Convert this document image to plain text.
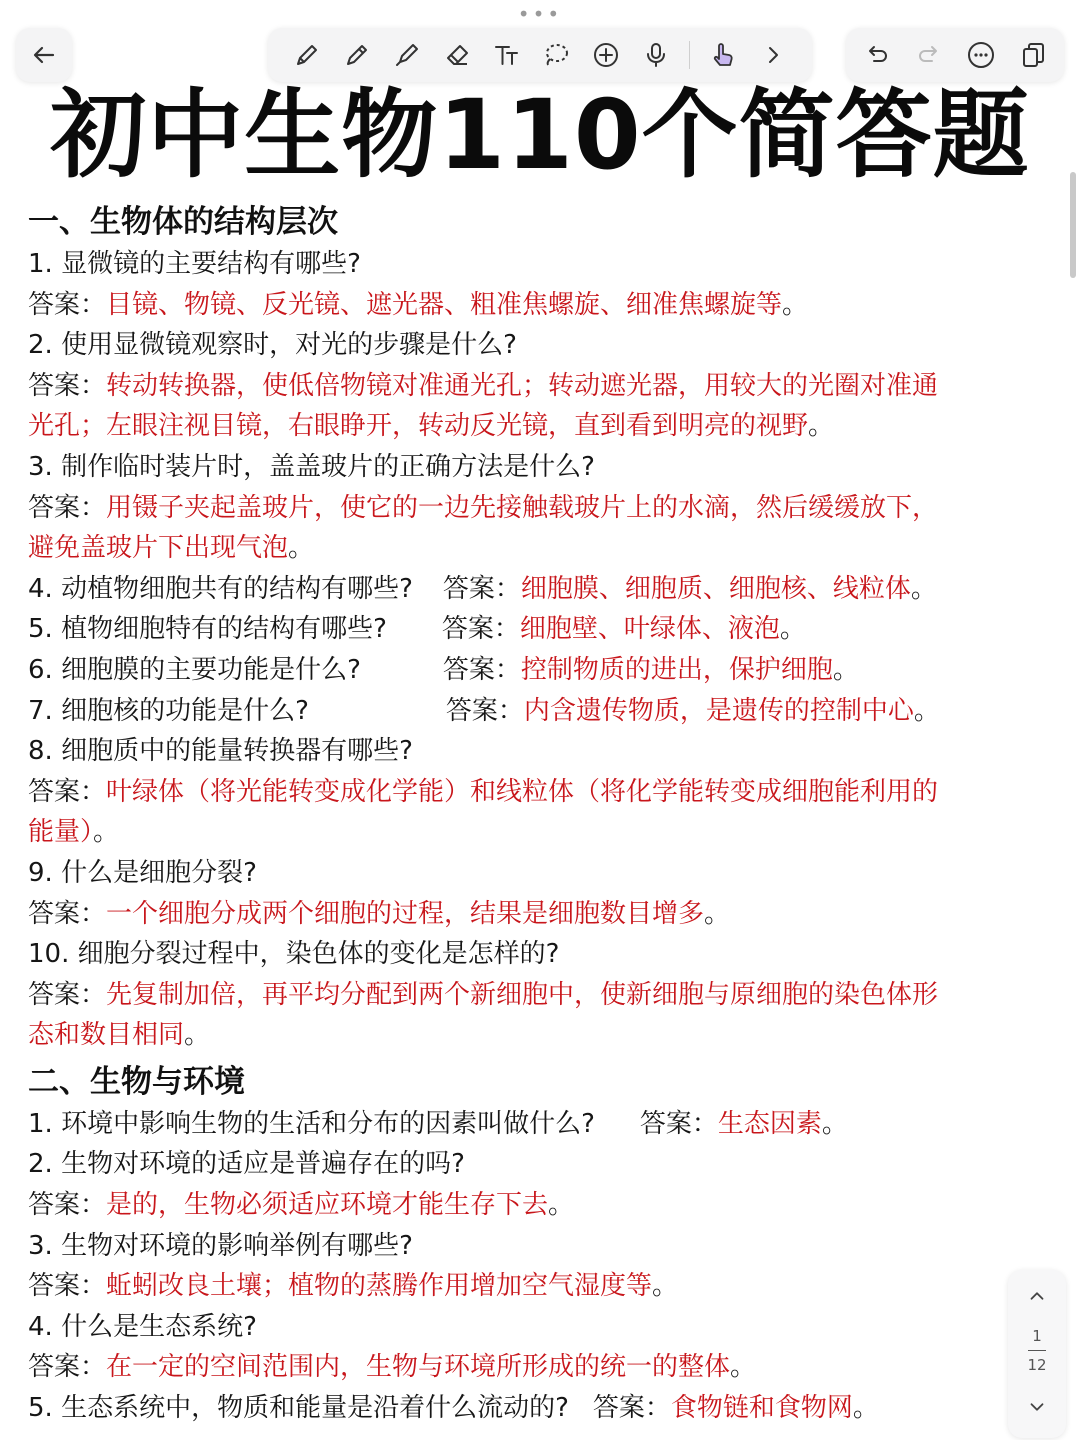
•••
初中生物110个简答题
一、生物体的结构层次

1. 显微镜的主要结构有哪些?

答案：目镜、物镜、反光镜、遮光器、粗准焦螺旋、细准焦螺旋等。

2. 使用显微镜观察时，对光的步骤是什么?

答案：转动转换器，使低倍物镜对准通光孔；转动遮光器，用较大的光圈对准通

光孔；左眼注视目镜，右眼睁开，转动反光镜，直到看到明亮的视野。

3. 制作临时装片时，盖盖玻片的正确方法是什么?

答案：用镊子夹起盖玻片，使它的一边先接触载玻片上的水滴，然后缓缓放下，

避免盖玻片下出现气泡。

4. 动植物细胞共有的结构有哪些? 答案：细胞膜、细胞质、细胞核、线粒体。

5. 植物细胞特有的结构有哪些? 答案：细胞壁、叶绿体、液泡。

6. 细胞膜的主要功能是什么?	答案：控制物质的进出，保护细胞。

7. 细胞核的功能是什么?	答案：内含遗传物质，是遗传的控制中心。

8. 细胞质中的能量转换器有哪些?

答案：叶绿体（将光能转变成化学能）和线粒体（将化学能转变成细胞能利用的

能量）。

9. 什么是细胞分裂?

答案：一个细胞分成两个细胞的过程，结果是细胞数目增多。

10. 细胞分裂过程中，染色体的变化是怎样的?

答案：先复制加倍，再平均分配到两个新细胞中，使新细胞与原细胞的染色体形

态和数目相同。

二、生物与环境

1. 环境中影响生物的生活和分布的因素叫做什么? 答案：生态因素。

2. 生物对环境的适应是普遍存在的吗?

答案：是的，生物必须适应环境才能生存下去。

3. 生物对环境的影响举例有哪些?

答案：蚯蚓改良土壤；植物的蒸腾作用增加空气湿度等。

4. 什么是生态系统?

答案：在一定的空间范围内，生物与环境所形成的统一的整体。

5. 生态系统中，物质和能量是沿着什么流动的? 答案：食物链和食物网。

1
12
